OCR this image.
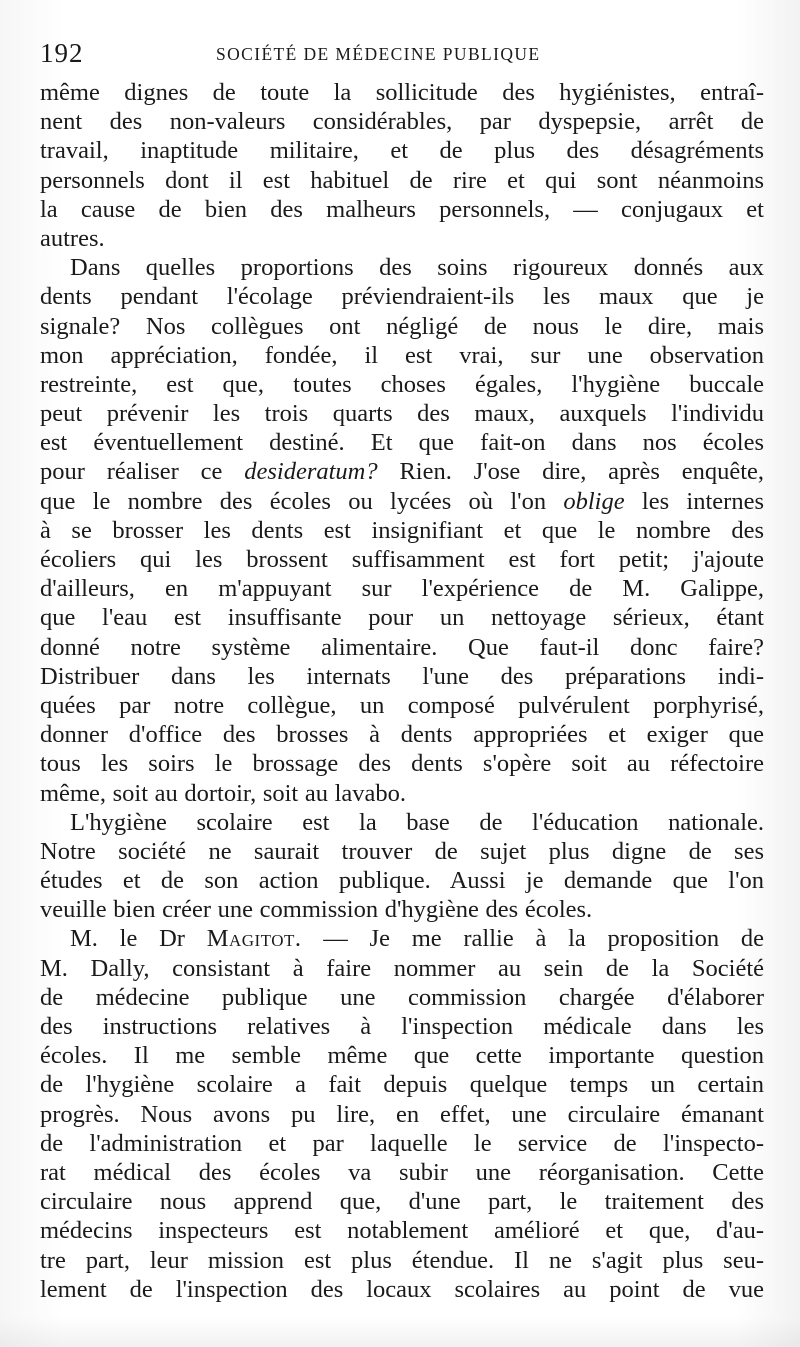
192	SOCIÉTÉ DE MÉDECINE PUBLIQUE
même dignes de toute la sollicitude des hygiénistes, entraî-
nent des non-valeurs considérables, par dyspepsie, arrêt de
travail, inaptitude militaire, et de plus des désagréments
personnels dont il est habituel de rire et qui sont néanmoins
la cause de bien des malheurs personnels, — conjugaux et
autres.
Dans quelles proportions des soins rigoureux donnés aux
dents pendant l'écolage préviendraient-ils les maux que je
signale? Nos collègues ont négligé de nous le dire, mais
mon appréciation, fondée, il est vrai, sur une observation
restreinte, est que, toutes choses égales, l'hygiène buccale
peut prévenir les trois quarts des maux, auxquels l'individu
est éventuellement destiné. Et que fait-on dans nos écoles
pour réaliser ce desideratum? Rien. J'ose dire, après enquête,
que le nombre des écoles ou lycées où l'on oblige les internes
à se brosser les dents est insignifiant et que le nombre des
écoliers qui les brossent suffisamment est fort petit; j'ajoute
d'ailleurs, en m'appuyant sur l'expérience de M. Galippe,
que l'eau est insuffisante pour un nettoyage sérieux, étant
donné notre système alimentaire. Que faut-il donc faire?
Distribuer dans les internats l'une des préparations indi-
quées par notre collègue, un composé pulvérulent porphyrisé,
donner d'office des brosses à dents appropriées et exiger que
tous les soirs le brossage des dents s'opère soit au réfectoire
même, soit au dortoir, soit au lavabo.
L'hygiène scolaire est la base de l'éducation nationale.
Notre société ne saurait trouver de sujet plus digne de ses
études et de son action publique. Aussi je demande que l'on
veuille bien créer une commission d'hygiène des écoles.
M. le Dr Magitot. — Je me rallie à la proposition de
M. Dally, consistant à faire nommer au sein de la Société
de médecine publique une commission chargée d'élaborer
des instructions relatives à l'inspection médicale dans les
écoles. Il me semble même que cette importante question
de l'hygiène scolaire a fait depuis quelque temps un certain
progrès. Nous avons pu lire, en effet, une circulaire émanant
de l'administration et par laquelle le service de l'inspecto-
rat médical des écoles va subir une réorganisation. Cette
circulaire nous apprend que, d'une part, le traitement des
médecins inspecteurs est notablement amélioré et que, d'au-
tre part, leur mission est plus étendue. Il ne s'agit plus seu-
lement de l'inspection des locaux scolaires au point de vue
